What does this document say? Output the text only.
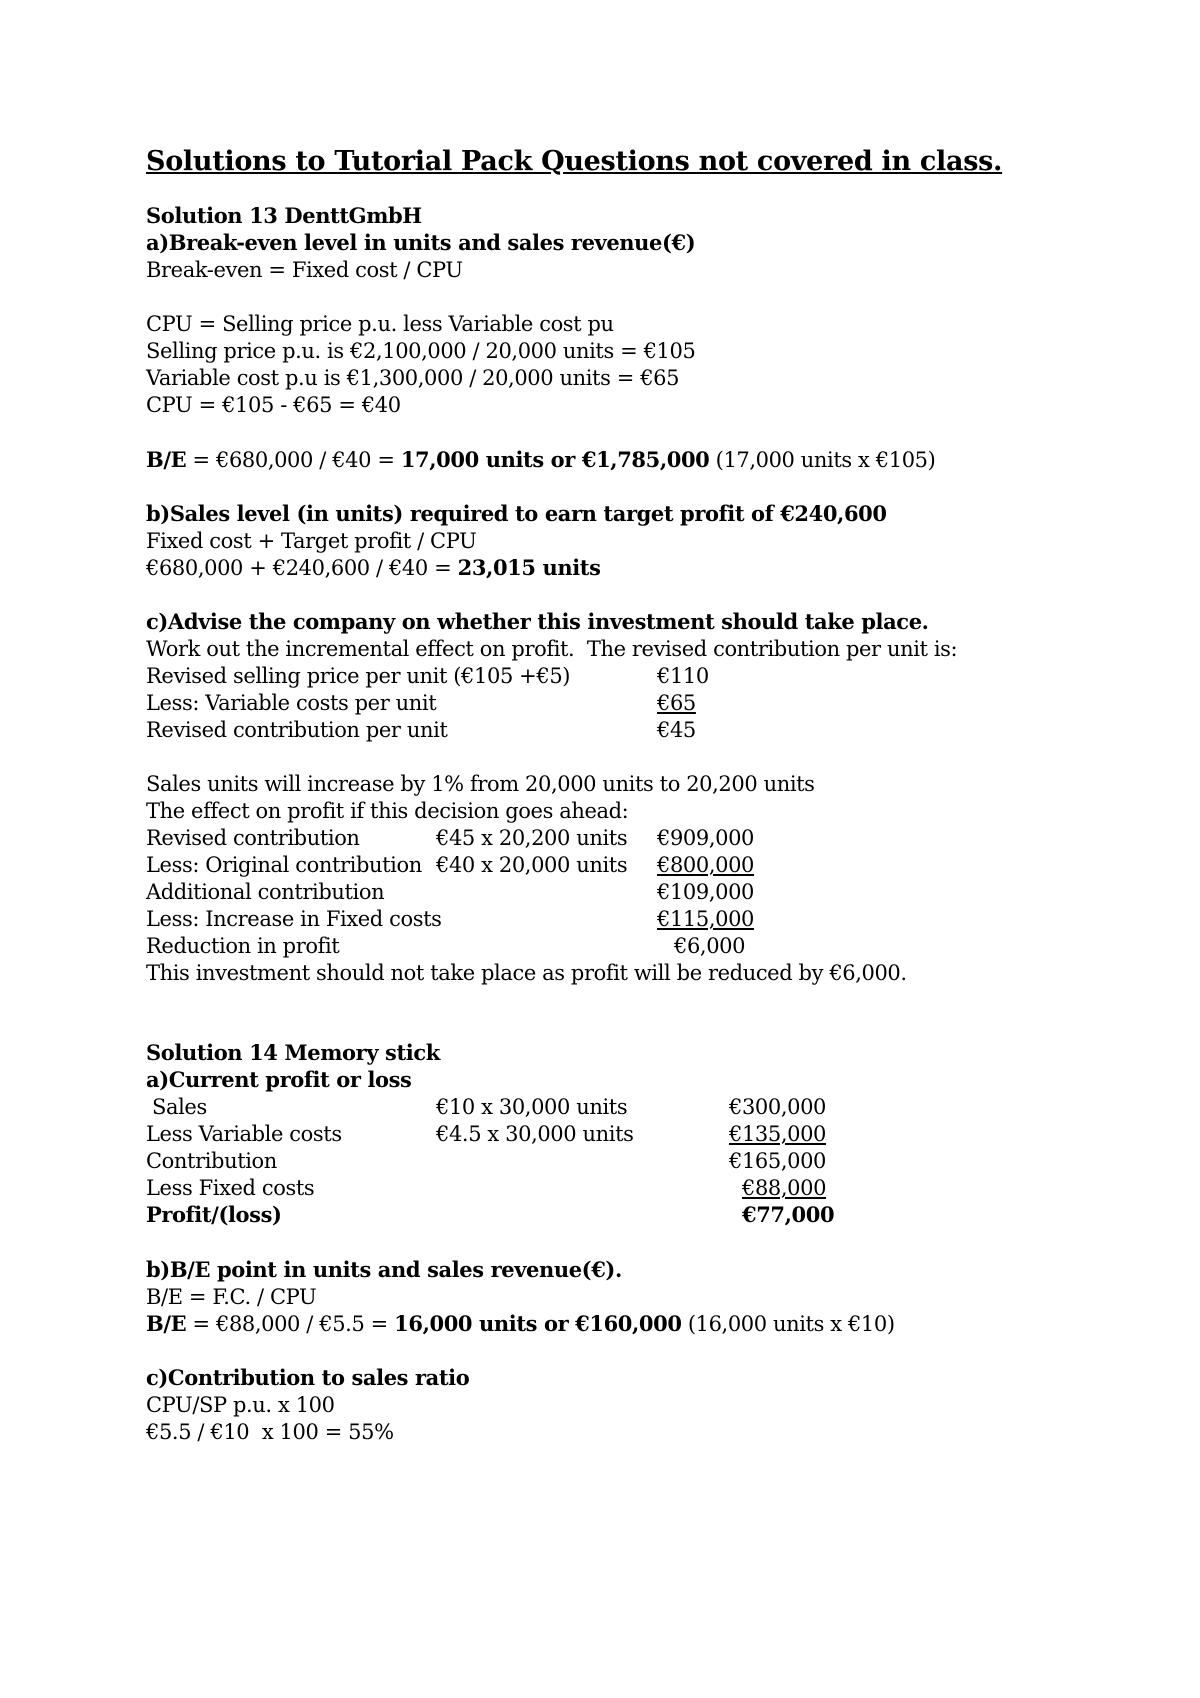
Solutions to Tutorial Pack Questions not covered in class.
Solution 13 DenttGmbH
a)Break-even level in units and sales revenue(€)
Break-even = Fixed cost / CPU
CPU = Selling price p.u. less Variable cost pu
Selling price p.u. is €2,100,000 / 20,000 units = €105
Variable cost p.u is €1,300,000 / 20,000 units = €65
CPU = €105 - €65 = €40
B/E = €680,000 / €40 = 17,000 units or €1,785,000 (17,000 units x €105)
b)Sales level (in units) required to earn target profit of €240,600
Fixed cost + Target profit / CPU
€680,000 + €240,600 / €40 = 23,015 units
c)Advise the company on whether this investment should take place.
Work out the incremental effect on profit.  The revised contribution per unit is:
Revised selling price per unit (€105 +€5)	€110
Less: Variable costs per unit	€65
Revised contribution per unit	€45
Sales units will increase by 1% from 20,000 units to 20,200 units
The effect on profit if this decision goes ahead:
Revised contribution	€45 x 20,200 units €909,000
Less: Original contribution €40 x 20,000 units €800,000
Additional contribution	€109,000
Less: Increase in Fixed costs	€115,000
Reduction in profit	€6,000
This investment should not take place as profit will be reduced by €6,000.
Solution 14 Memory stick
a)Current profit or loss
Sales	€10 x 30,000 units	€300,000
Less Variable costs	€4.5 x 30,000 units	€135,000
Contribution	€165,000
Less Fixed costs	€88,000
Profit/(loss)	€77,000
b)B/E point in units and sales revenue(€).
B/E = F.C. / CPU
B/E = €88,000 / €5.5 = 16,000 units or €160,000 (16,000 units x €10)
c)Contribution to sales ratio
CPU/SP p.u. x 100
€5.5 / €10  x 100 = 55%
